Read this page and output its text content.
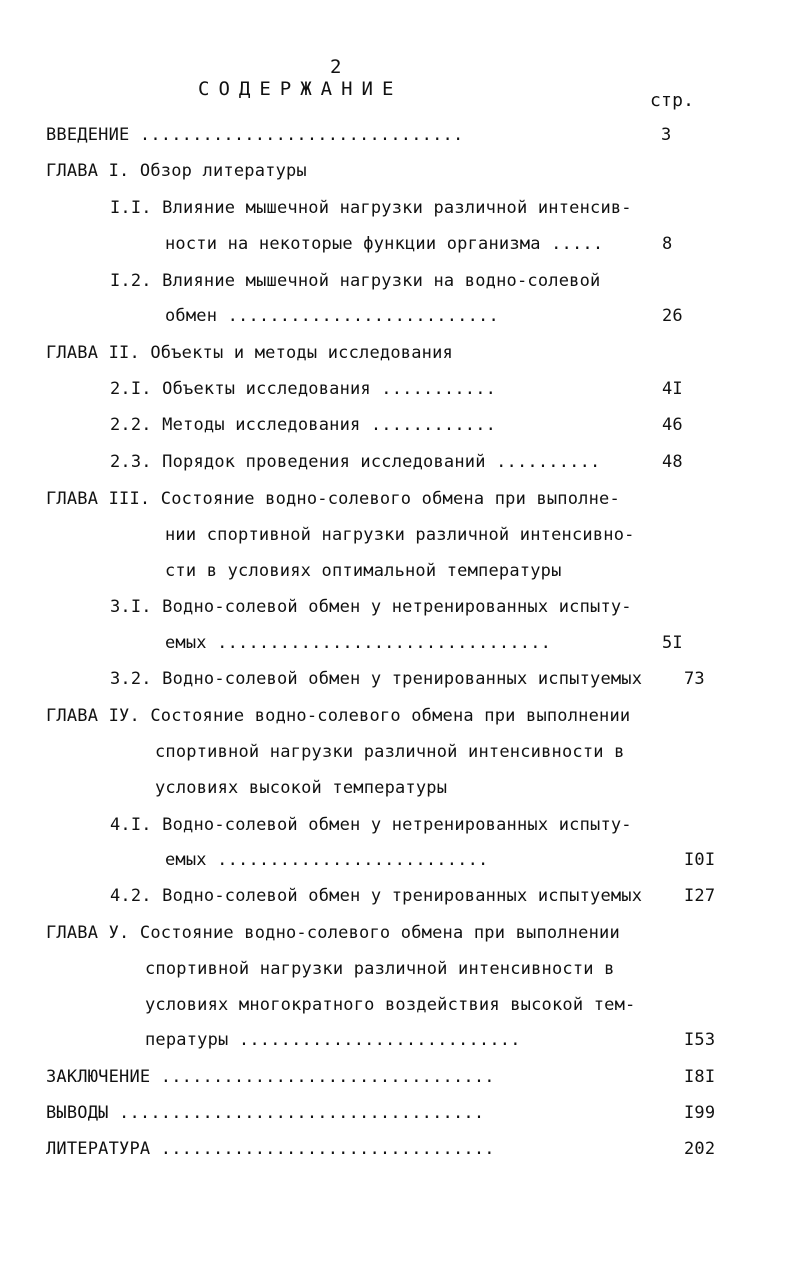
2
СОДЕРЖАНИЕ
стр.
ВВЕДЕНИЕ ...............................	3
ГЛАВА I. Обзор литературы
I.I. Влияние мышечной нагрузки различной интенсив-
ности на некоторые функции организма .....	8
I.2. Влияние мышечной нагрузки на водно-солевой
обмен ..........................	26
ГЛАВА II. Объекты и методы исследования
2.I. Объекты исследования ...........	4I
2.2. Методы исследования ............	46
2.3. Порядок проведения исследований ..........	48
ГЛАВА III. Состояние водно-солевого обмена при выполне-
нии спортивной нагрузки различной интенсивно-
сти в условиях оптимальной температуры
3.I. Водно-солевой обмен у нетренированных испыту-
емых ................................	5I
3.2. Водно-солевой обмен у тренированных испытуемых 73
ГЛАВА IУ. Состояние водно-солевого обмена при выполнении
спортивной нагрузки различной интенсивности в
условиях высокой температуры
4.I. Водно-солевой обмен у нетренированных испыту-
емых ..........................	I0I
4.2. Водно-солевой обмен у тренированных испытуемых I27
ГЛАВА У. Состояние водно-солевого обмена при выполнении
спортивной нагрузки различной интенсивности в
условиях многократного воздействия высокой тем-
пературы ...........................	I53
ЗАКЛЮЧЕНИЕ ................................	I8I
ВЫВОДЫ ...................................	I99
ЛИТЕРАТУРА ................................	202
